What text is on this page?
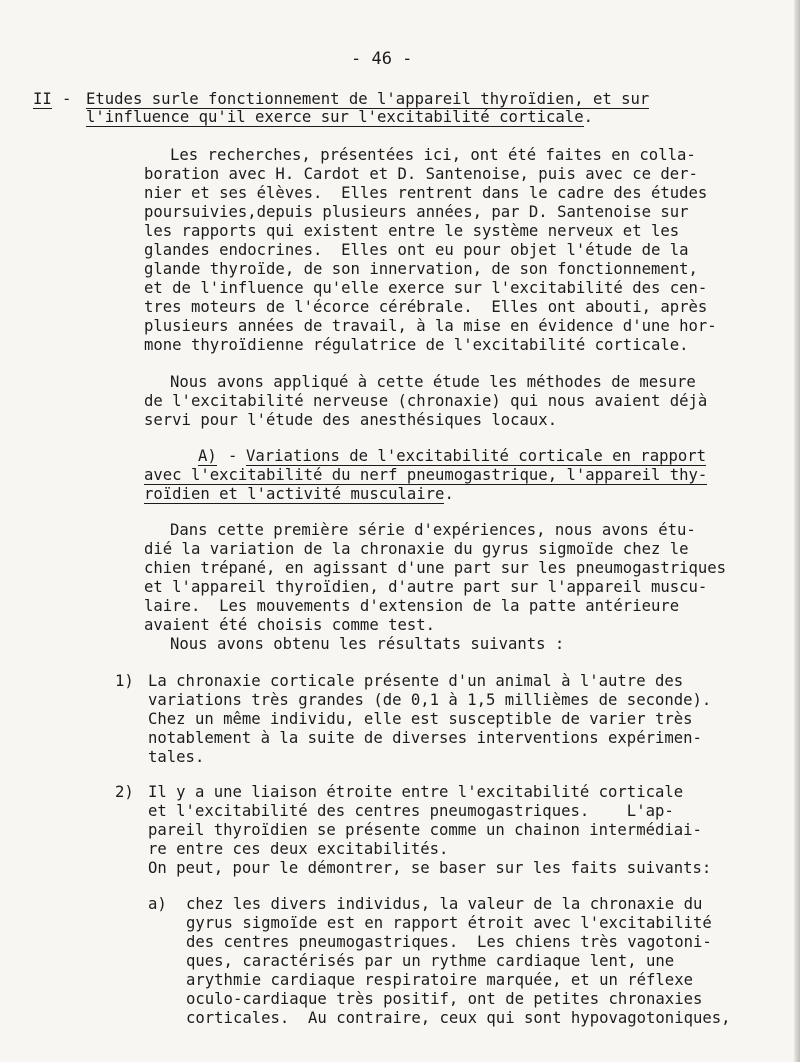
- 46 -
II - Etudes surle fonctionnement de l'appareil thyroïdien, et sur
l'influence qu'il exerce sur l'excitabilité corticale.
Les recherches, présentées ici, ont été faites en colla-
boration avec H. Cardot et D. Santenoise, puis avec ce der-
nier et ses élèves.  Elles rentrent dans le cadre des études
poursuivies,depuis plusieurs années, par D. Santenoise sur
les rapports qui existent entre le système nerveux et les
glandes endocrines.  Elles ont eu pour objet l'étude de la
glande thyroïde, de son innervation, de son fonctionnement,
et de l'influence qu'elle exerce sur l'excitabilité des cen-
tres moteurs de l'écorce cérébrale.  Elles ont abouti, après
plusieurs années de travail, à la mise en évidence d'une hor-
mone thyroïdienne régulatrice de l'excitabilité corticale.
Nous avons appliqué à cette étude les méthodes de mesure
de l'excitabilité nerveuse (chronaxie) qui nous avaient déjà
servi pour l'étude des anesthésiques locaux.
A) - Variations de l'excitabilité corticale en rapport
avec l'excitabilité du nerf pneumogastrique, l'appareil thy-
roïdien et l'activité musculaire.
Dans cette première série d'expériences, nous avons étu-
dié la variation de la chronaxie du gyrus sigmoïde chez le
chien trépané, en agissant d'une part sur les pneumogastriques
et l'appareil thyroïdien, d'autre part sur l'appareil muscu-
laire.  Les mouvements d'extension de la patte antérieure
avaient été choisis comme test.
Nous avons obtenu les résultats suivants :
1) La chronaxie corticale présente d'un animal à l'autre des
variations très grandes (de 0,1 à 1,5 millièmes de seconde).
Chez un même individu, elle est susceptible de varier très
notablement à la suite de diverses interventions expérimen-
tales.
2) Il y a une liaison étroite entre l'excitabilité corticale
et l'excitabilité des centres pneumogastriques.    L'ap-
pareil thyroïdien se présente comme un chainon intermédiai-
re entre ces deux excitabilités.
On peut, pour le démontrer, se baser sur les faits suivants:
a) chez les divers individus, la valeur de la chronaxie du
gyrus sigmoïde est en rapport étroit avec l'excitabilité
des centres pneumogastriques.  Les chiens très vagotoni-
ques, caractérisés par un rythme cardiaque lent, une
arythmie cardiaque respiratoire marquée, et un réflexe
oculo-cardiaque très positif, ont de petites chronaxies
corticales.  Au contraire, ceux qui sont hypovagotoniques,
